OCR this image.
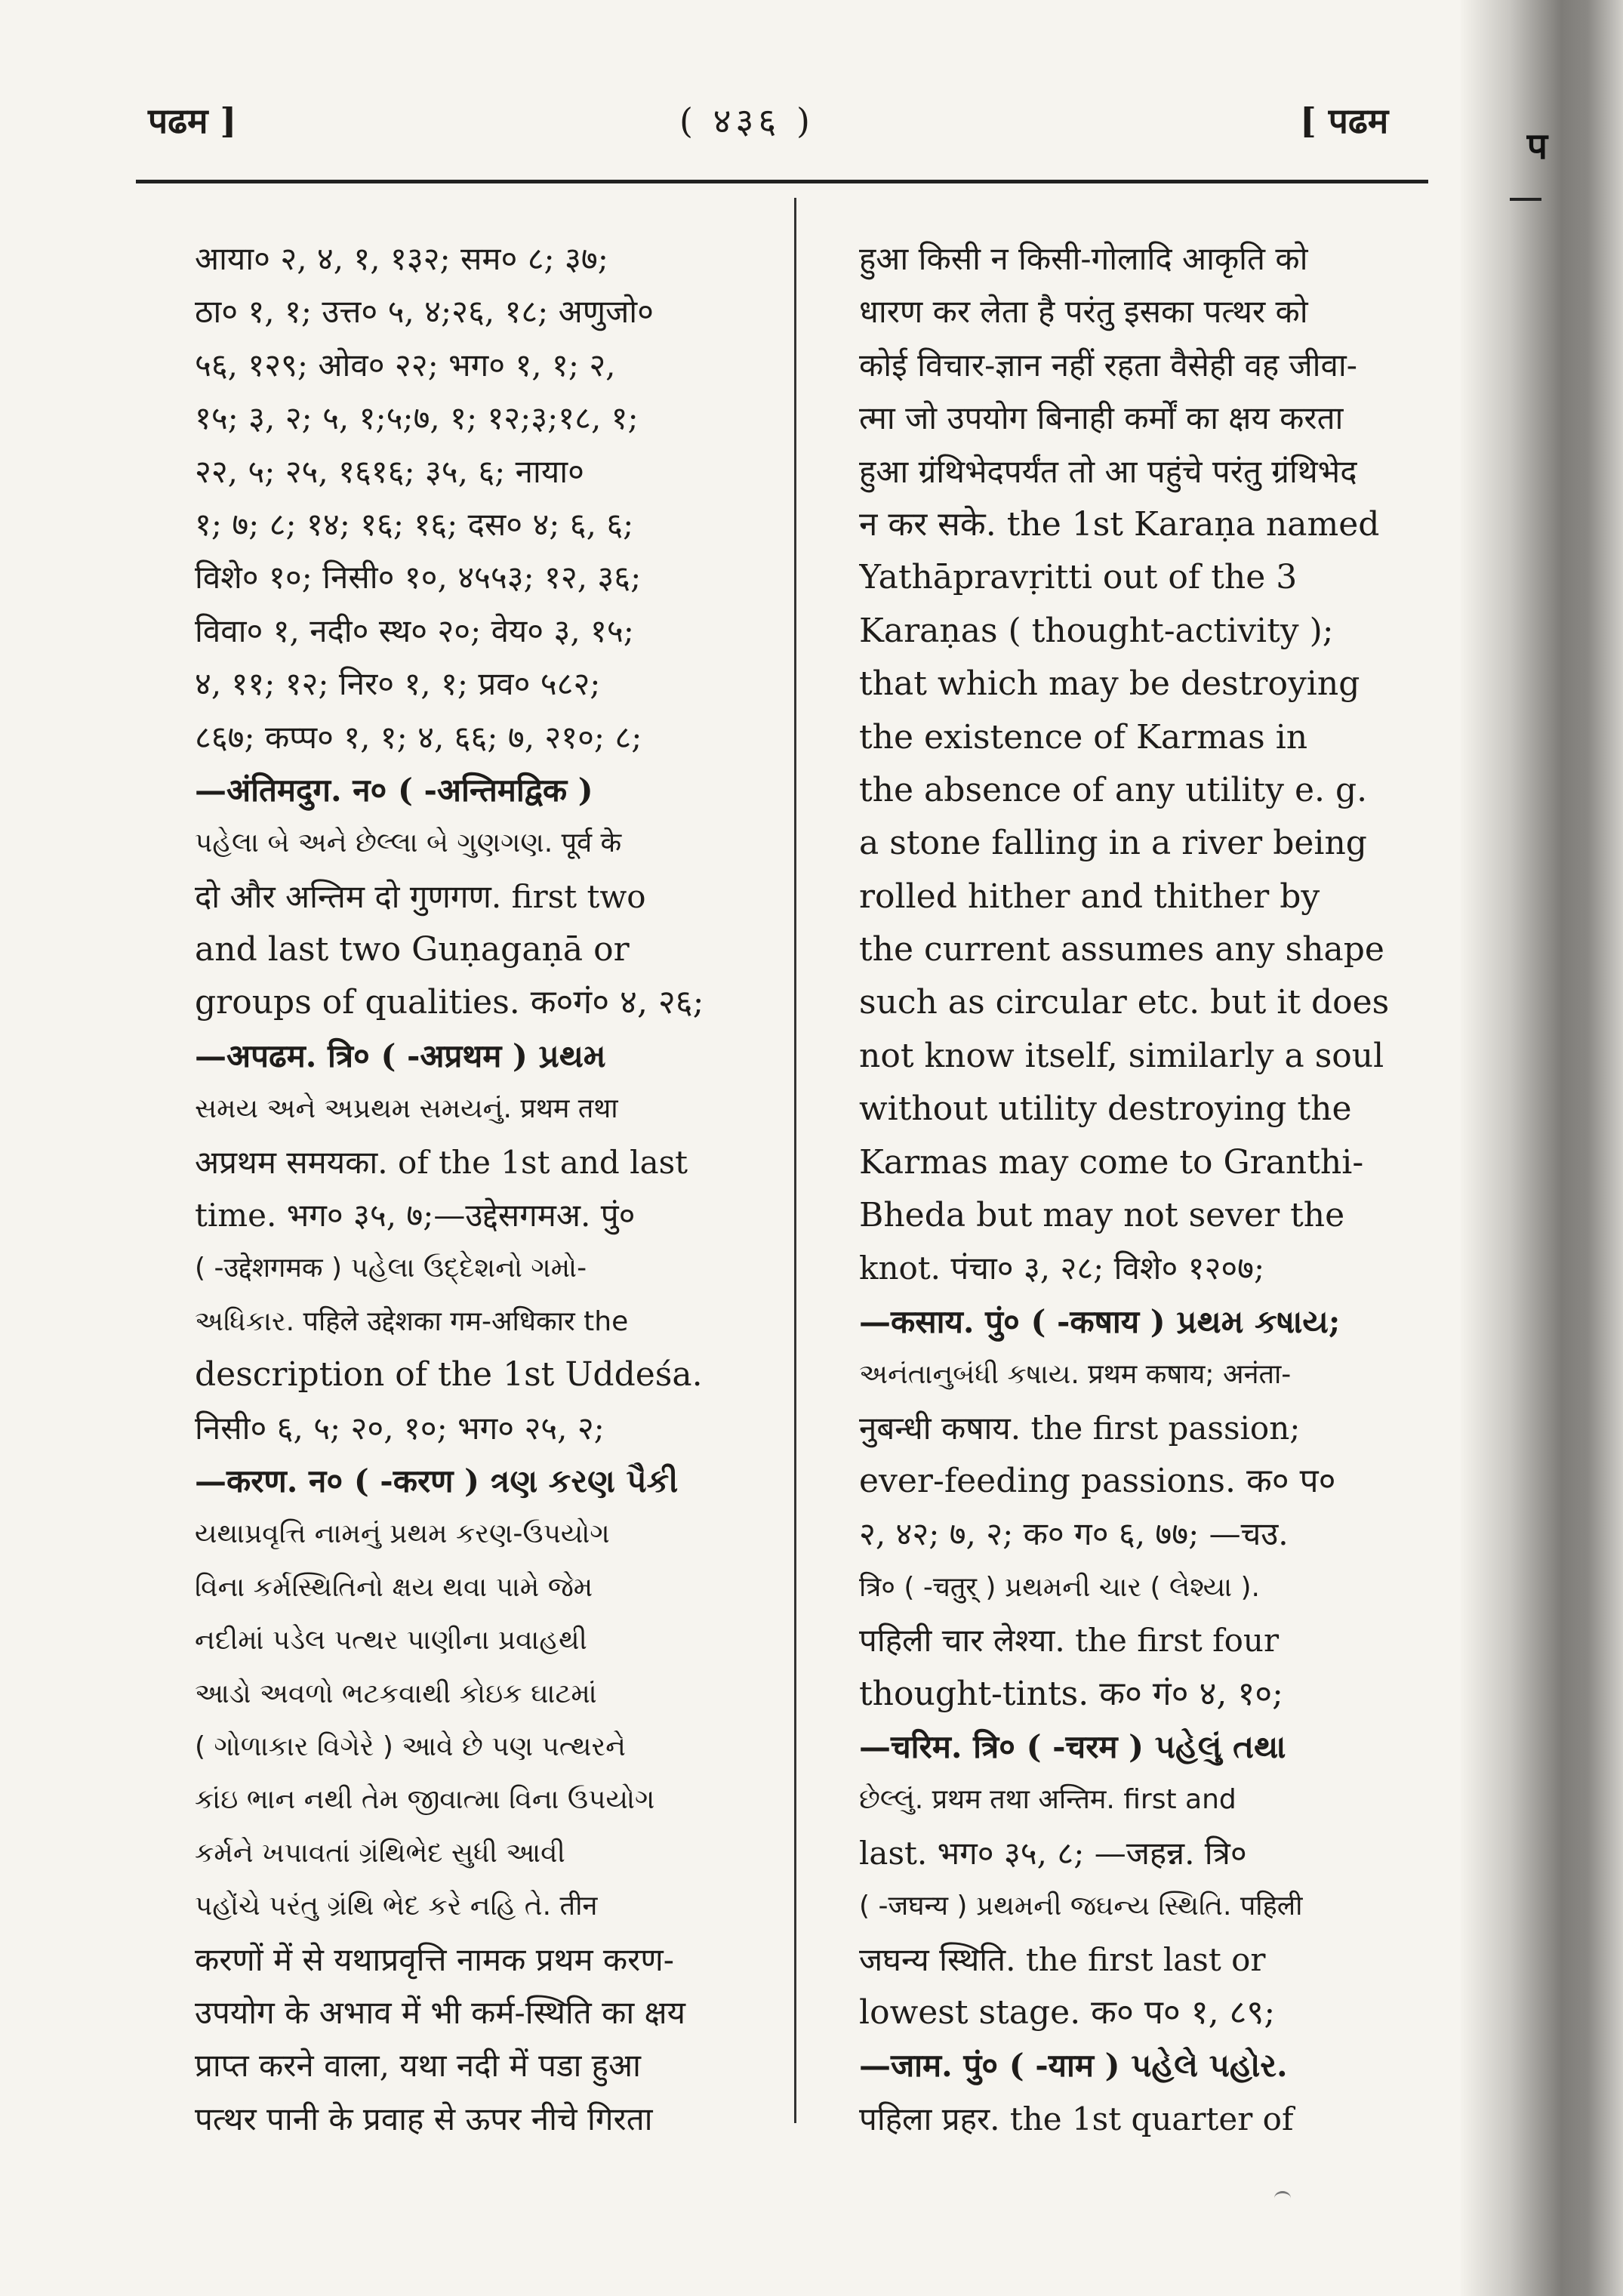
प
पढम ]	( ४३६ )	[ पढम
आया० २, ४, १, १३२; सम० ८; ३७;
ठा० १, १; उत्त० ५, ४;२६, १८; अणुजो०
५६, १२९; ओव० २२; भग० १, १; २,
१५; ३, २; ५, १;५;७, १; १२;३;१८, १;
२२, ५; २५, १६१६; ३५, ६; नाया०
१; ७; ८; १४; १६; १६; दस० ४; ६, ६;
विशे० १०; निसी० १०, ४५५३; १२, ३६;
विवा० १, नदी० स्थ० २०; वेय० ३, १५;
४, ११; १२; निर० १, १; प्रव० ५८२;
८६७; कप्प० १, १; ४, ६६; ७, २१०; ८;
—अंतिमदुग. न० ( -अन्तिमद्विक )
પહેલા બે અને છેલ્લા બે ગુણગણ. पूर्व के
दो और अन्तिम दो गुणगण. first two
and last two Guṇagaṇā or
groups of qualities. क०गं० ४, २६;
—अपढम. त्रि० ( -अप्रथम ) પ્રથમ
સમય અને અપ્રથમ સમયનું. प्रथम तथा
अप्रथम समयका. of the 1st and last
time. भग० ३५, ७;—उद्देसगमअ. पुं०
( -उद्देशगमक ) પહેલા ઉદ્દેશનો ગમો-
અધિકાર. पहिले उद्देशका गम-अधिकार the
description of the 1st Uddeśa.
निसी० ६, ५; २०, १०; भग० २५, २;
—करण. न० ( -करण ) ત્રણ કરણ પૈકી
યથાપ્રવૃત્તિ નામનું પ્રથમ કરણ-ઉપયોગ
વિના કર્મસ્થિતિનો ક્ષય થવા પામે જેમ
નદીમાં પડેલ પત્થર પાણીના પ્રવાહથી
આડો અવળો ભટકવાથી કોઇક ઘાટમાં
( ગોળાકાર વિગેરે ) આવે છે પણ પત્થરને
કાંઇ ભાન નથી તેમ જીવાત્મા વિના ઉપયોગ
કર્મને ખપાવતાં ગ્રંથિભેદ સુધી આવી
પહોંચે પરંતુ ગ્રંથિ ભેદ કરે નહિ તે. तीन
करणों में से यथाप्रवृत्ति नामक प्रथम करण-
उपयोग के अभाव में भी कर्म-स्थिति का क्षय
प्राप्त करने वाला, यथा नदी में पडा हुआ
पत्थर पानी के प्रवाह से ऊपर नीचे गिरता
हुआ किसी न किसी-गोलादि आकृति को
धारण कर लेता है परंतु इसका पत्थर को
कोई विचार-ज्ञान नहीं रहता वैसेही वह जीवा-
त्मा जो उपयोग बिनाही कर्मों का क्षय करता
हुआ ग्रंथिभेदपर्यंत तो आ पहुंचे परंतु ग्रंथिभेद
न कर सके. the 1st Karaṇa named
Yathāpravṛitti out of the 3
Karaṇas ( thought-activity );
that which may be destroying
the existence of Karmas in
the absence of any utility e. g.
a stone falling in a river being
rolled hither and thither by
the current assumes any shape
such as circular etc. but it does
not know itself, similarly a soul
without utility destroying the
Karmas may come to Granthi-
Bheda but may not sever the
knot. पंचा० ३, २८; विशे० १२०७;
—कसाय. पुं० ( -कषाय ) પ્રથમ કષાય;
અનંતાનુબંધી કષાય. प्रथम कषाय; अनंता-
नुबन्धी कषाय. the first passion;
ever-feeding passions. क० प०
२, ४२; ७, २; क० ग० ६, ७७; —चउ.
त्रि० ( -चतुर् ) પ્રથમની ચાર ( લેશ્યા ).
पहिली चार लेश्या. the first four
thought-tints. क० गं० ४, १०;
—चरिम. त्रि० ( -चरम ) પહેલું તથા
છેલ્લું. प्रथम तथा अन्तिम. first and
last. भग० ३५, ८; —जहन्न. त्रि०
( -जघन्य ) પ્રથમની જઘન્ય સ્થિતિ. पहिली
जघन्य स्थिति. the first last or
lowest stage. क० प० १, ८९;
—जाम. पुं० ( -याम ) પહેલે પહોર.
पहिला प्रहर. the 1st quarter of
